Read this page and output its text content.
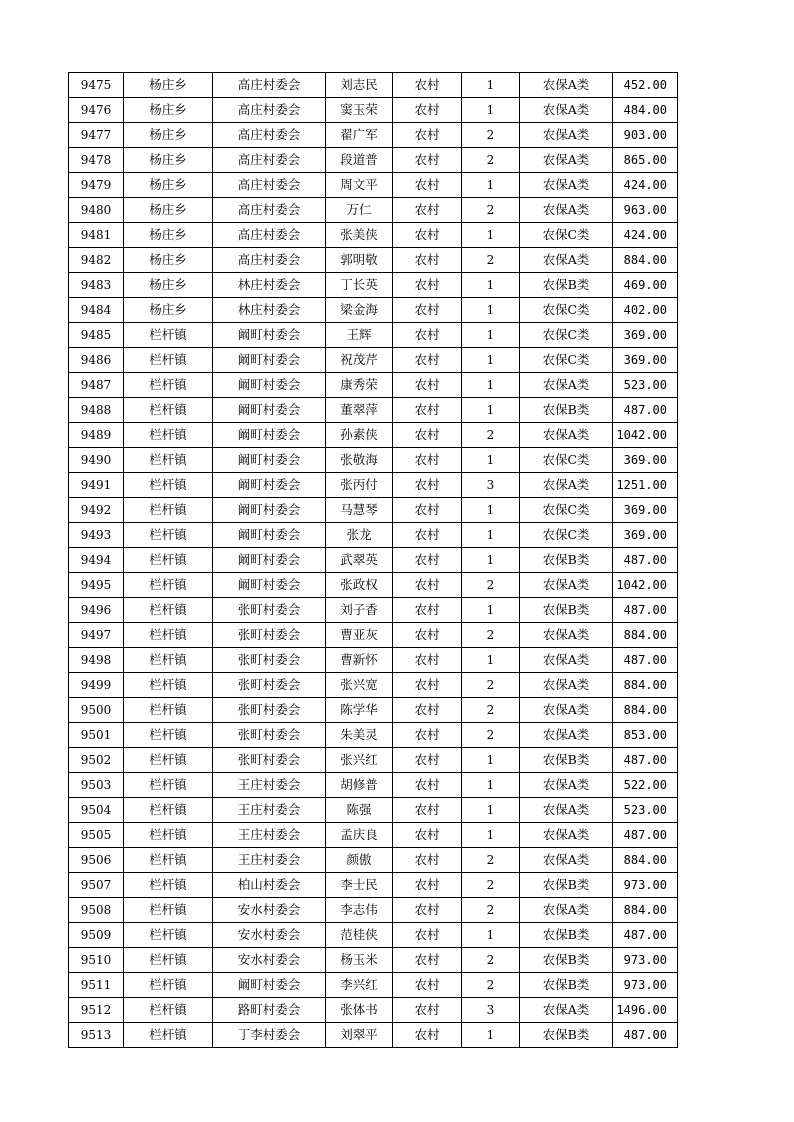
9475	杨庄乡	高庄村委会	刘志民	农村	1	农保A类	452.00
9476	杨庄乡	高庄村委会	窦玉荣	农村	1	农保A类	484.00
9477	杨庄乡	高庄村委会	翟广军	农村	2	农保A类	903.00
9478	杨庄乡	高庄村委会	段道普	农村	2	农保A类	865.00
9479	杨庄乡	高庄村委会	周文平	农村	1	农保A类	424.00
9480	杨庄乡	高庄村委会	万仁	农村	2	农保A类	963.00
9481	杨庄乡	高庄村委会	张美侠	农村	1	农保C类	424.00
9482	杨庄乡	高庄村委会	郭明敬	农村	2	农保A类	884.00
9483	杨庄乡	林庄村委会	丁长英	农村	1	农保B类	469.00
9484	杨庄乡	林庄村委会	梁金海	农村	1	农保C类	402.00
9485	栏杆镇	阚町村委会	王辉	农村	1	农保C类	369.00
9486	栏杆镇	阚町村委会	祝茂芹	农村	1	农保C类	369.00
9487	栏杆镇	阚町村委会	康秀荣	农村	1	农保A类	523.00
9488	栏杆镇	阚町村委会	董翠萍	农村	1	农保B类	487.00
9489	栏杆镇	阚町村委会	孙素侠	农村	2	农保A类	1042.00
9490	栏杆镇	阚町村委会	张敬海	农村	1	农保C类	369.00
9491	栏杆镇	阚町村委会	张丙付	农村	3	农保A类	1251.00
9492	栏杆镇	阚町村委会	马慧琴	农村	1	农保C类	369.00
9493	栏杆镇	阚町村委会	张龙	农村	1	农保C类	369.00
9494	栏杆镇	阚町村委会	武翠英	农村	1	农保B类	487.00
9495	栏杆镇	阚町村委会	张政权	农村	2	农保A类	1042.00
9496	栏杆镇	张町村委会	刘子香	农村	1	农保B类	487.00
9497	栏杆镇	张町村委会	曹亚灰	农村	2	农保A类	884.00
9498	栏杆镇	张町村委会	曹新怀	农村	1	农保A类	487.00
9499	栏杆镇	张町村委会	张兴宽	农村	2	农保A类	884.00
9500	栏杆镇	张町村委会	陈学华	农村	2	农保A类	884.00
9501	栏杆镇	张町村委会	朱美灵	农村	2	农保A类	853.00
9502	栏杆镇	张町村委会	张兴红	农村	1	农保B类	487.00
9503	栏杆镇	王庄村委会	胡修普	农村	1	农保A类	522.00
9504	栏杆镇	王庄村委会	陈强	农村	1	农保A类	523.00
9505	栏杆镇	王庄村委会	孟庆良	农村	1	农保A类	487.00
9506	栏杆镇	王庄村委会	颜傲	农村	2	农保A类	884.00
9507	栏杆镇	柏山村委会	李士民	农村	2	农保B类	973.00
9508	栏杆镇	安水村委会	李志伟	农村	2	农保A类	884.00
9509	栏杆镇	安水村委会	范桂侠	农村	1	农保B类	487.00
9510	栏杆镇	安水村委会	杨玉米	农村	2	农保B类	973.00
9511	栏杆镇	阚町村委会	李兴红	农村	2	农保B类	973.00
9512	栏杆镇	路町村委会	张体书	农村	3	农保A类	1496.00
9513	栏杆镇	丁李村委会	刘翠平	农村	1	农保B类	487.00
